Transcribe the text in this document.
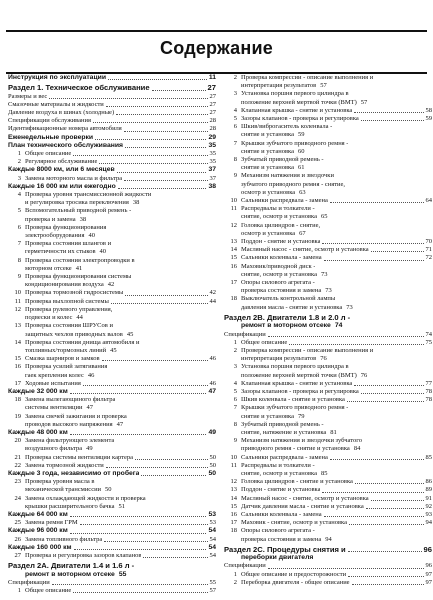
Содержание
Инструкция по эксплуатации	11
Раздел 1. Техническое обслуживание	27
Размеры и вес	27
Смазочные материалы и жидкости	27
Давление воздуха в шинах (холодные)	27
Спецификации обслуживания	28
Идентификационные номера автомобиля	28
Еженедельные проверки	29
План технического обслуживания	35
1 Общее описание	35
2 Регулярное обслуживание	35
Каждые 8000 км, или 6 месяцев	37
3 Замена моторного масла и фильтра	37
Каждые 16 000 км или ежегодно	38
4 Проверка уровня трансмиссионной жидкости
и регулировка тросика переключения 38
5 Вспомогательный приводной ремень -
проверка и замена 38
6 Проверка функционирования
электрооборудования 40
7 Проверка состояния шлангов и
герметичности их стыков 40
8 Проверка состояния электропроводки в
моторном отсеке 41
9 Проверка функционирования системы
кондиционирования воздуха 42
10 Проверка тормозной гидросистемы	42
11 Проверка выхлопной системы	44
12 Проверка рулевого управления,
подвески и колес 44
13 Проверка состояния ШРУСов и
защитных чехлов приводных валов 45
14 Проверка состояния днища автомобиля и
топливных/тормозных линий 45
15 Смазка шарниров и замков	46
16 Проверка усилий затягивания
гаек крепления колес 46
17 Ходовые испытания	46
Каждые 32 000 км	47
18 Замена вылегающиного фильтра
системы вентиляции 47
19 Замена свечей зажигания и проверка
проводов высокого напряжения 47
Каждые 48 000 км	49
20 Замена фильтрующего элемента
воздушного фильтра 49
21 Проверка системы вентиляции картера	50
22 Замена тормозной жидкости	50
Каждые 3 года, независимо от пробега	50
23 Проверка уровня масла в
механической трансмиссии 50
24 Замена охлаждающей жидкости и проверка
крышки расширительного бачка 51
Каждые 64 000 км	53
25 Замена ремня ГРМ	53
Каждые 96 000 км	54
26 Замена топливного фильтра	54
Каждые 160 000 км	54
27 Проверка и регулировка зазоров клапанов	54
Раздел 2A. Двигатели 1.4 и 1.6 л -
ремонт в моторном отсеке 55
Спецификации	55
1 Общее описание	57
2 Проверка компрессии - описание выполнения и
интерпретация результатов 57
3 Установка поршня первого цилиндра в
положение верхней мертвой точки (ВМТ) 57
4 Клапанная крышка - снятие и установка	58
5 Зазоры клапанов - проверка и регулировка	59
6 Шкив/виброгаситель коленвала -
снятие и установка 59
7 Крышки зубчатого приводного ремня -
снятие и установка 60
8 Зубчатый приводной ремень -
снятие и установка 61
9 Механизм натяжения и звездочки
зубчатого приводного ремня - снятие,
осмотр и установка 63
10 Сальники распредвала - замена	64
11 Распредвалы и толкатели -
снятие, осмотр и установка 65
12 Головка цилиндров - снятие,
осмотр и установка 67
13 Поддон - снятие и установка	70
14 Масляный насос - снятие, осмотр и установка	71
15 Сальники коленвала - замена	72
16 Маховик/приводной диск -
снятие, осмотр и установка 73
17 Опоры силового агрегата -
проверка состояния и замена 73
18 Выключатель контрольной лампы
давления масла - снятие и установка 73
Раздел 2B. Двигатели 1.8 и 2.0 л -
ремонт в моторном отсеке 74
Спецификации	74
1 Общее описание	75
2 Проверка компрессии - описание выполнения и
интерпретация результатов 76
3 Установка поршня первого цилиндра в
положение верхней мертвой точки (ВМТ) 76
4 Клапанная крышка - снятие и установка	77
5 Зазоры клапанов - проверка и регулировка	78
6 Шкив коленвала - снятие и установка	78
7 Крышки зубчатого приводного ремня -
снятие и установка 79
8 Зубчатый приводной ремень -
снятие, натяжение и установка 81
9 Механизм натяжения и звездочки зубчатого
приводного ремня - снятие и установка 84
10 Сальники распредвала - замена	85
11 Распредвалы и толкатели -
снятие, осмотр и установка 85
12 Головка цилиндров - снятие и установка	86
13 Поддон - снятие и установка	89
14 Масляный насос - снятие, осмотр и установка	91
15 Датчик давления масла - снятие и установка	92
16 Сальники коленвала - замена	93
17 Маховик - снятие, осмотр и установка	94
18 Опоры силового агрегата -
проверка состояния и замена 94
Раздел 2C. Процедуры снятия и	96
переборки двигателя
Спецификации	96
1 Общее описание и предосторожности	97
2 Переборка двигателя - общее описание	97
